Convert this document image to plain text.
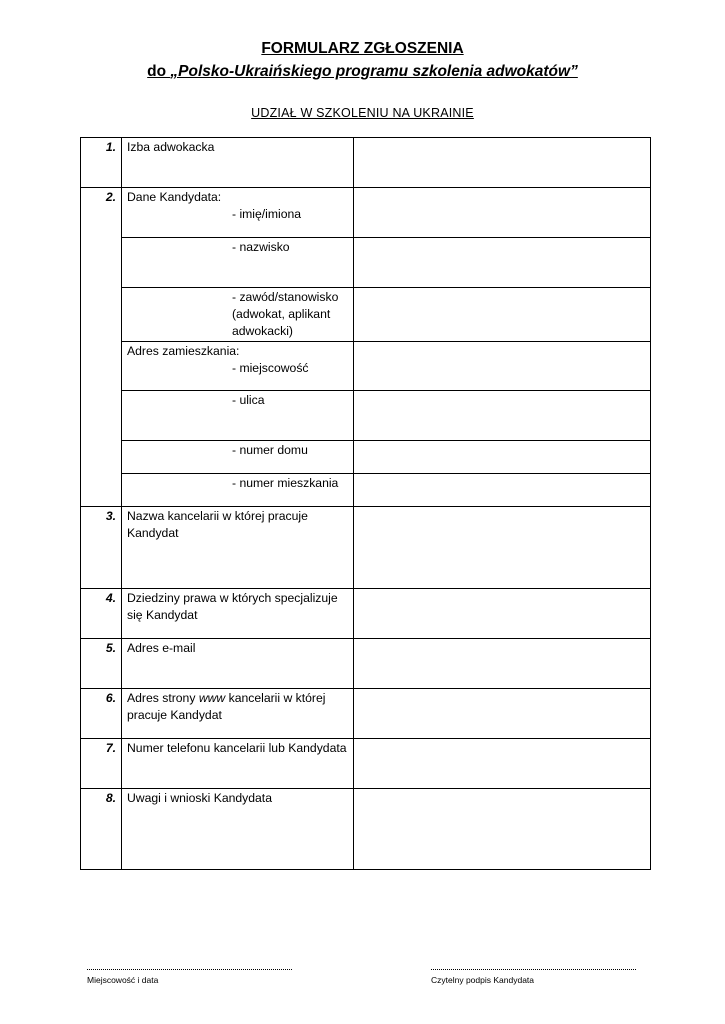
FORMULARZ ZGŁOSZENIA
do „Polsko-Ukraińskiego programu szkolenia adwokatów”
UDZIAŁ W SZKOLENIU NA UKRAINIE
1.	Izba adwokacka	
2.	Dane Kandydata:
- imię/imiona	

	- nazwisko	

	- zawód/stanowisko (adwokat, aplikant adwokacki)	

	Adres zamieszkania:
- miejscowość	

	- ulica	

	- numer domu	

	- numer mieszkania	

3.	Nazwa kancelarii w której pracuje Kandydat	
4.	Dziedziny prawa w których specjalizuje się Kandydat	
5.	Adres e-mail	
6.	Adres strony www kancelarii w której pracuje Kandydat	
7.	Numer telefonu kancelarii lub Kandydata	
8.	Uwagi i wnioski Kandydata	
Miejscowość i data	Czytelny podpis Kandydata
